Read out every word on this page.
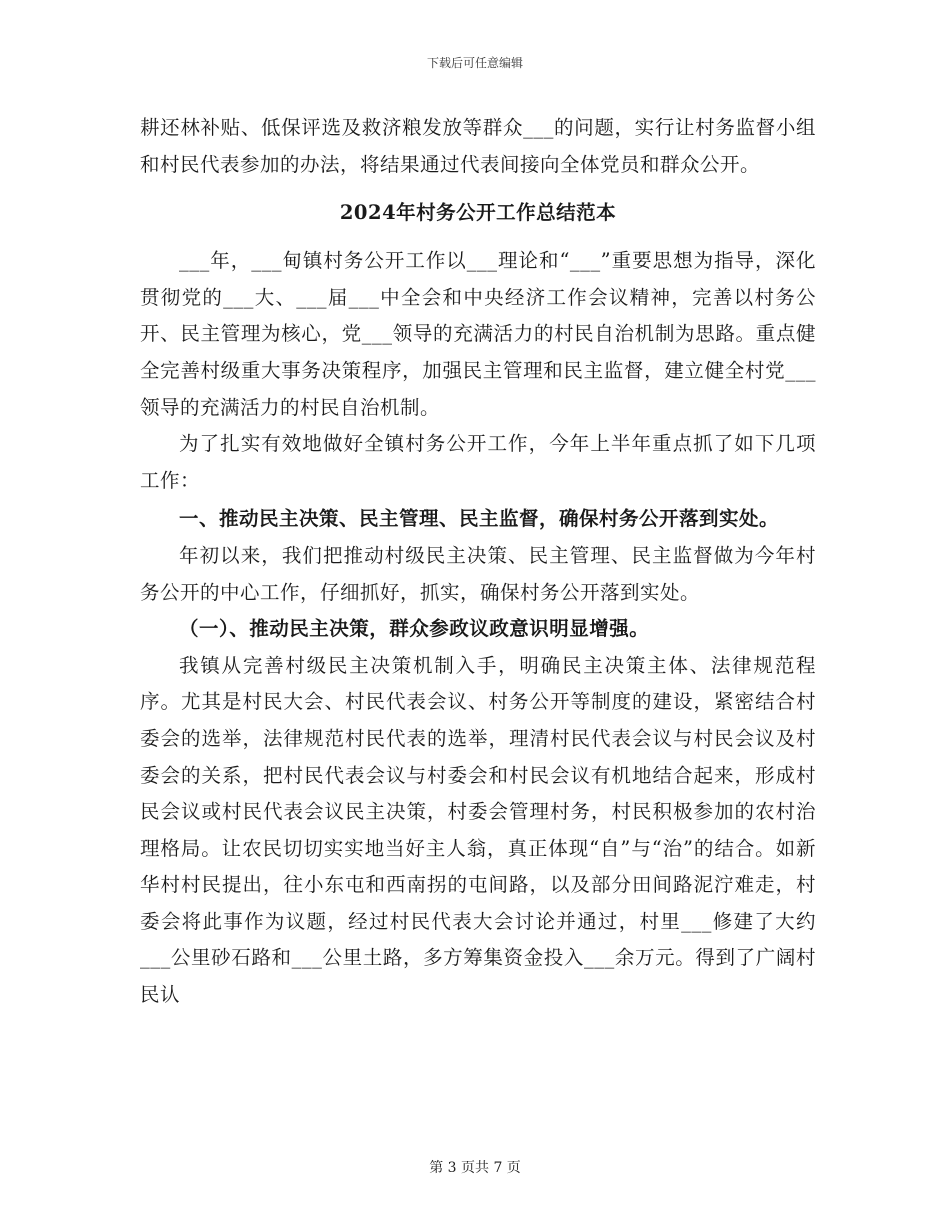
下载后可任意编辑

耕还林补贴、低保评选及救济粮发放等群众___的问题，实行让村务监督小组和村民代表参加的办法，将结果通过代表间接向全体党员和群众公开。

2024年村务公开工作总结范本

___年，___甸镇村务公开工作以___理论和“___”重要思想为指导，深化贯彻党的___大、___届___中全会和中央经济工作会议精神，完善以村务公开、民主管理为核心，党___领导的充满活力的村民自治机制为思路。重点健全完善村级重大事务决策程序，加强民主管理和民主监督，建立健全村党___领导的充满活力的村民自治机制。

为了扎实有效地做好全镇村务公开工作，今年上半年重点抓了如下几项工作：

一、推动民主决策、民主管理、民主监督，确保村务公开落到实处。

年初以来，我们把推动村级民主决策、民主管理、民主监督做为今年村务公开的中心工作，仔细抓好，抓实，确保村务公开落到实处。

（一）、推动民主决策，群众参政议政意识明显增强。

我镇从完善村级民主决策机制入手，明确民主决策主体、法律规范程序。尤其是村民大会、村民代表会议、村务公开等制度的建设，紧密结合村委会的选举，法律规范村民代表的选举，理清村民代表会议与村民会议及村委会的关系，把村民代表会议与村委会和村民会议有机地结合起来，形成村民会议或村民代表会议民主决策，村委会管理村务，村民积极参加的农村治理格局。让农民切切实实地当好主人翁，真正体现“自”与“治”的结合。如新华村村民提出，往小东屯和西南拐的屯间路，以及部分田间路泥泞难走，村委会将此事作为议题，经过村民代表大会讨论并通过，村里___修建了大约___公里砂石路和___公里土路，多方筹集资金投入___余万元。得到了广阔村民认

第 3 页共 7 页
